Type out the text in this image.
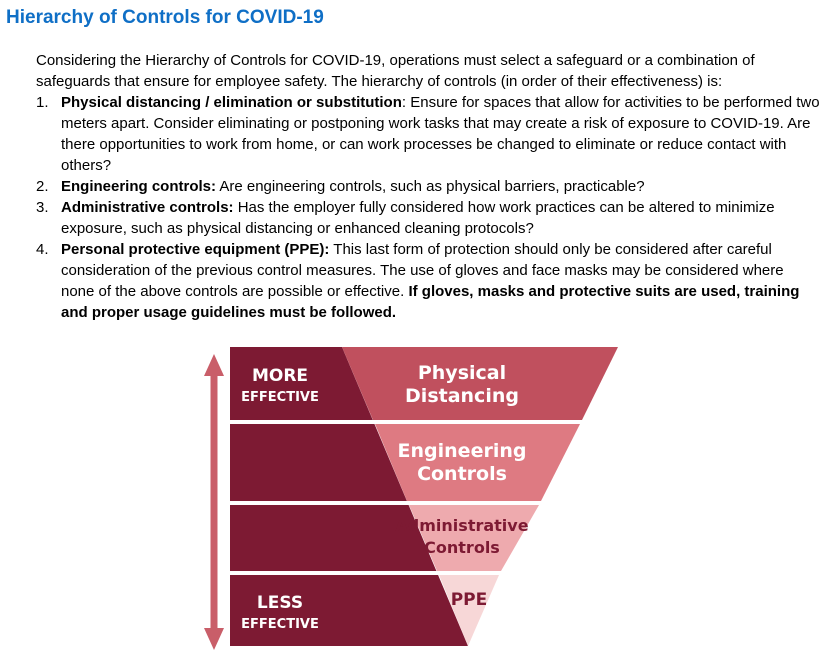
Hierarchy of Controls for COVID-19
Considering the Hierarchy of Controls for COVID-19, operations must select a safeguard or a combination of safeguards that ensure for employee safety. The hierarchy of controls (in order of their effectiveness) is:
1. Physical distancing / elimination or substitution: Ensure for spaces that allow for activities to be performed two meters apart. Consider eliminating or postponing work tasks that may create a risk of exposure to COVID-19. Are there opportunities to work from home, or can work processes be changed to eliminate or reduce contact with others?
2. Engineering controls: Are engineering controls, such as physical barriers, practicable?
3. Administrative controls: Has the employer fully considered how work practices can be altered to minimize exposure, such as physical distancing or enhanced cleaning protocols?
4. Personal protective equipment (PPE): This last form of protection should only be considered after careful consideration of the previous control measures. The use of gloves and face masks may be considered where none of the above controls are possible or effective. If gloves, masks and protective suits are used, training and proper usage guidelines must be followed.
MORE
EFFECTIVE
LESS
EFFECTIVE
Physical
Distancing
Engineering
Controls
Administrative
Controls
PPE
